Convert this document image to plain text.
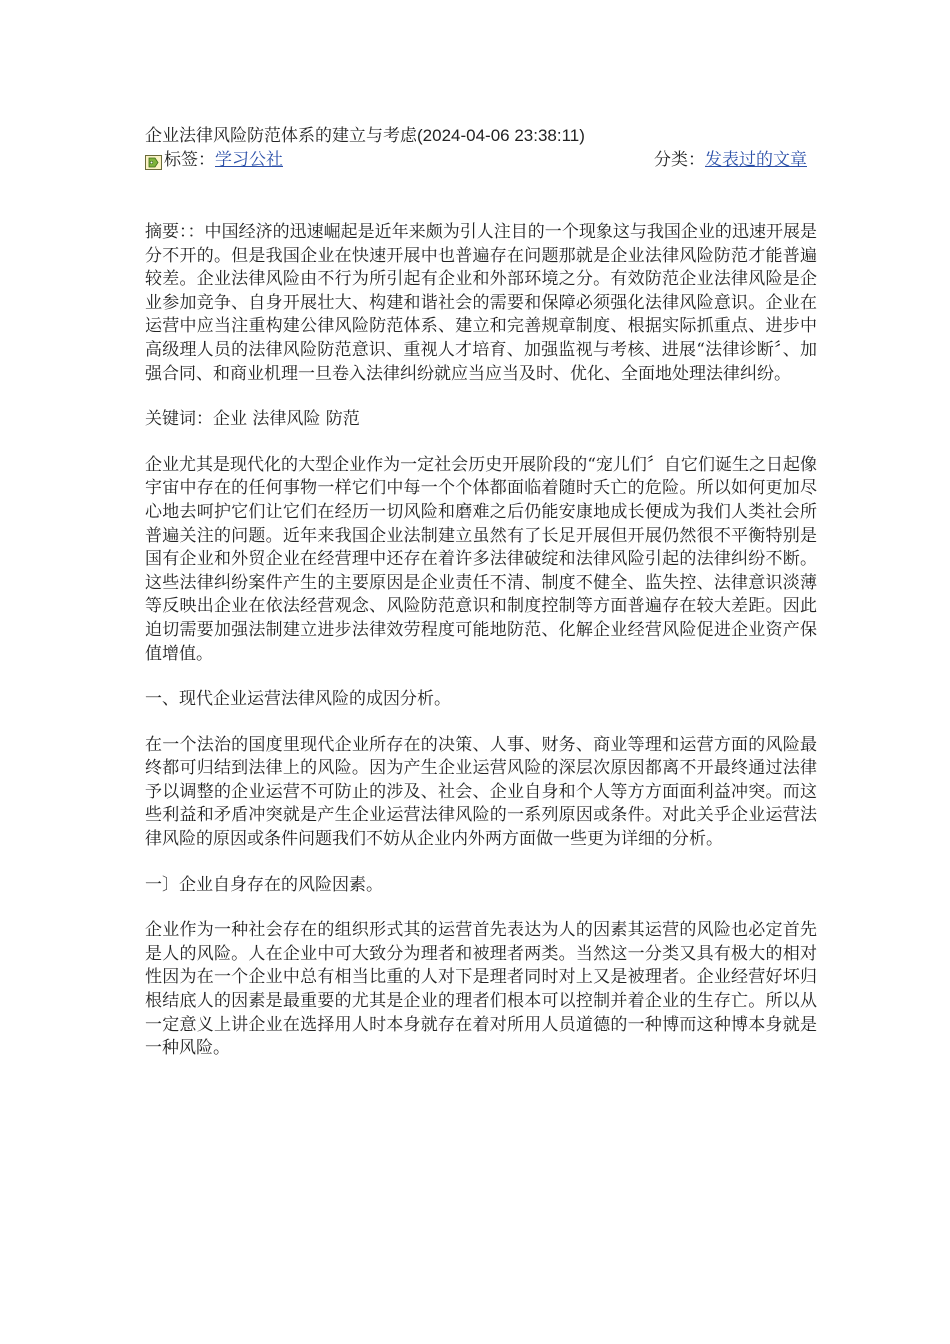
企业法律风险防范体系的建立与考虑(2024-04-06 23:38:11)
标签： 学习公社	分类：发表过的文章

摘要：：中国经济的迅速崛起是近年来颇为引人注目的一个现象这与我国企业的迅速开展是分不开的。但是我国企业在快速开展中也普遍存在问题那就是企业法律风险防范才能普遍较差。企业法律风险由不行为所引起有企业和外部环境之分。有效防范企业法律风险是企业参加竞争、自身开展壮大、构建和谐社会的需要和保障必须强化法律风险意识。企业在运营中应当注重构建公律风险防范体系、建立和完善规章制度、根据实际抓重点、进步中高级理人员的法律风险防范意识、重视人才培育、加强监视与考核、进展“法律诊断〞、加强合同、和商业机理一旦卷入法律纠纷就应当应当及时、优化、全面地处理法律纠纷。

关键词：企业 法律风险 防范

企业尤其是现代化的大型企业作为一定社会历史开展阶段的“宠儿们〞自它们诞生之日起像宇宙中存在的任何事物一样它们中每一个个体都面临着随时夭亡的危险。所以如何更加尽心地去呵护它们让它们在经历一切风险和磨难之后仍能安康地成长便成为我们人类社会所普遍关注的问题。近年来我国企业法制建立虽然有了长足开展但开展仍然很不平衡特别是国有企业和外贸企业在经营理中还存在着许多法律破绽和法律风险引起的法律纠纷不断。这些法律纠纷案件产生的主要原因是企业责任不清、制度不健全、监失控、法律意识淡薄等反映出企业在依法经营观念、风险防范意识和制度控制等方面普遍存在较大差距。因此迫切需要加强法制建立进步法律效劳程度可能地防范、化解企业经营风险促进企业资产保值增值。

一、现代企业运营法律风险的成因分析。

在一个法治的国度里现代企业所存在的决策、人事、财务、商业等理和运营方面的风险最终都可归结到法律上的风险。因为产生企业运营风险的深层次原因都离不开最终通过法律予以调整的企业运营不可防止的涉及、社会、企业自身和个人等方方面面利益冲突。而这些利益和矛盾冲突就是产生企业运营法律风险的一系列原因或条件。对此关乎企业运营法律风险的原因或条件问题我们不妨从企业内外两方面做一些更为详细的分析。

一〕企业自身存在的风险因素。

企业作为一种社会存在的组织形式其的运营首先表达为人的因素其运营的风险也必定首先是人的风险。人在企业中可大致分为理者和被理者两类。当然这一分类又具有极大的相对性因为在一个企业中总有相当比重的人对下是理者同时对上又是被理者。企业经营好坏归根结底人的因素是最重要的尤其是企业的理者们根本可以控制并着企业的生存亡。所以从一定意义上讲企业在选择用人时本身就存在着对所用人员道德的一种博而这种博本身就是一种风险。
